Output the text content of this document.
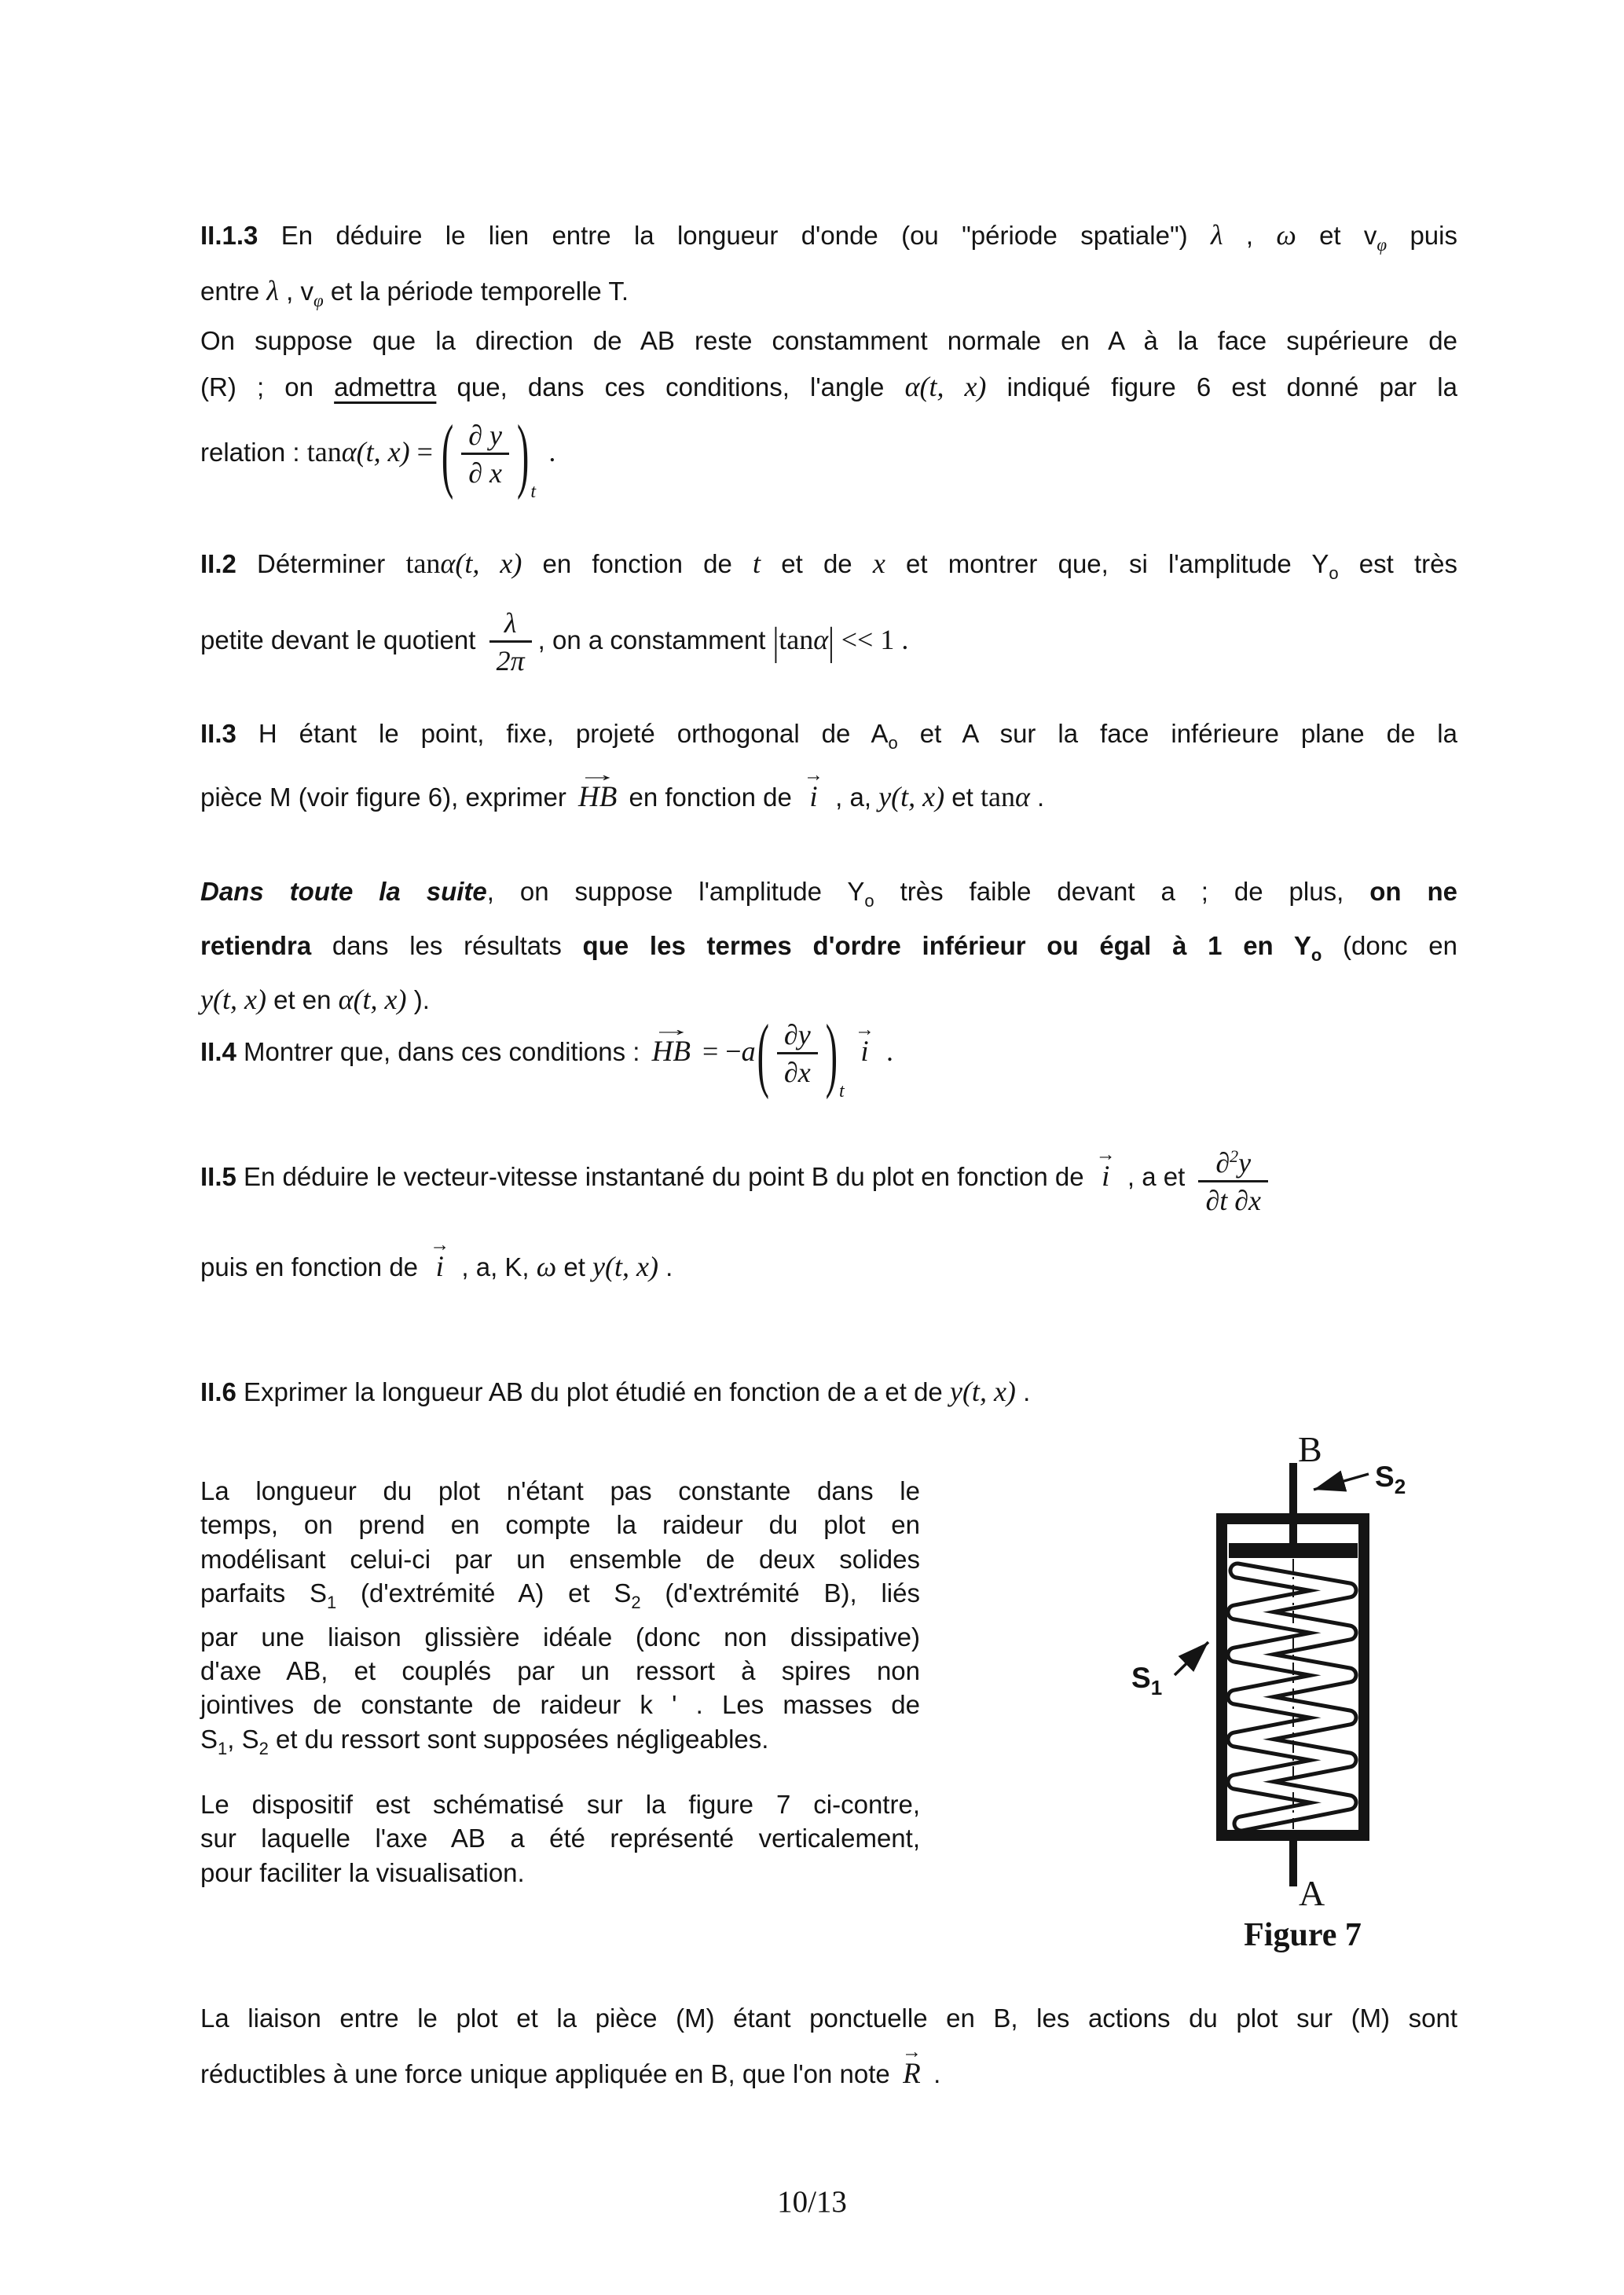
II.1.3 En déduire le lien entre la longueur d'onde (ou "période spatiale") λ , ω et $v_\varphi$ puis
entre λ , $v_\varphi$ et la période temporelle T.
On suppose que la direction de AB reste constamment normale en A à la face supérieure de
(R) ; on admettra que, dans ces conditions, l'angle α(t, x) indiqué figure 6 est donné par la
relation : tanα(t, x) = ( $\frac{\partial y}{\partial x} )t$ .
II.2 Déterminer tanα(t, x) en fonction de t et de x et montrer que, si l'amplitude $Y_o$ est très
petite devant le quotient $\frac{\lambda}{2\pi}$ , on a constamment |tanα| << 1 .
II.3 H étant le point, fixe, projeté orthogonal de $A_o$ et A sur la face inférieure plane de la
pièce M (voir figure 6), exprimer
→
HB en fonction de
→
i , a, y(t, x) et tanα .
Dans toute la suite, on suppose l'amplitude $Y_o$ très faible devant a ; de plus, on ne
retiendra dans les résultats que les termes d'ordre inférieur ou égal à 1 en $Y_o$ (donc en
y(t, x) et en α(t, x) ).
II.4 Montrer que, dans ces conditions :
→
HB = $-a( \frac{\partial y}{\partial x} )t$
→
i .
II.5 En déduire le vecteur-vitesse instantané du point B du plot en fonction de
→
i , a et $\frac{\partial^2y}{\partial t \partial x}$
puis en fonction de
→
i , a, K, ω et y(t, x) .
II.6 Exprimer la longueur AB du plot étudié en fonction de a et de y(t, x) .
La longueur du plot n'étant pas constante dans le
temps, on prend en compte la raideur du plot en
modélisant celui-ci par un ensemble de deux solides
parfaits $S_1$ (d'extrémité A) et $S_2$ (d'extrémité B), liés
par une liaison glissière idéale (donc non dissipative)
d'axe AB, et couplés par un ressort à spires non
jointives de constante de raideur k ' . Les masses de
$S_1$, $S_2$ et du ressort sont supposées négligeables.
Le dispositif est schématisé sur la figure 7 ci-contre,
sur laquelle l'axe AB a été représenté verticalement,
pour faciliter la visualisation.
B
$S_2$
$S_1$
A
Figure 7
La liaison entre le plot et la pièce (M) étant ponctuelle en B, les actions du plot sur (M) sont
réductibles à une force unique appliquée en B, que l'on note
→
R .
10/13
